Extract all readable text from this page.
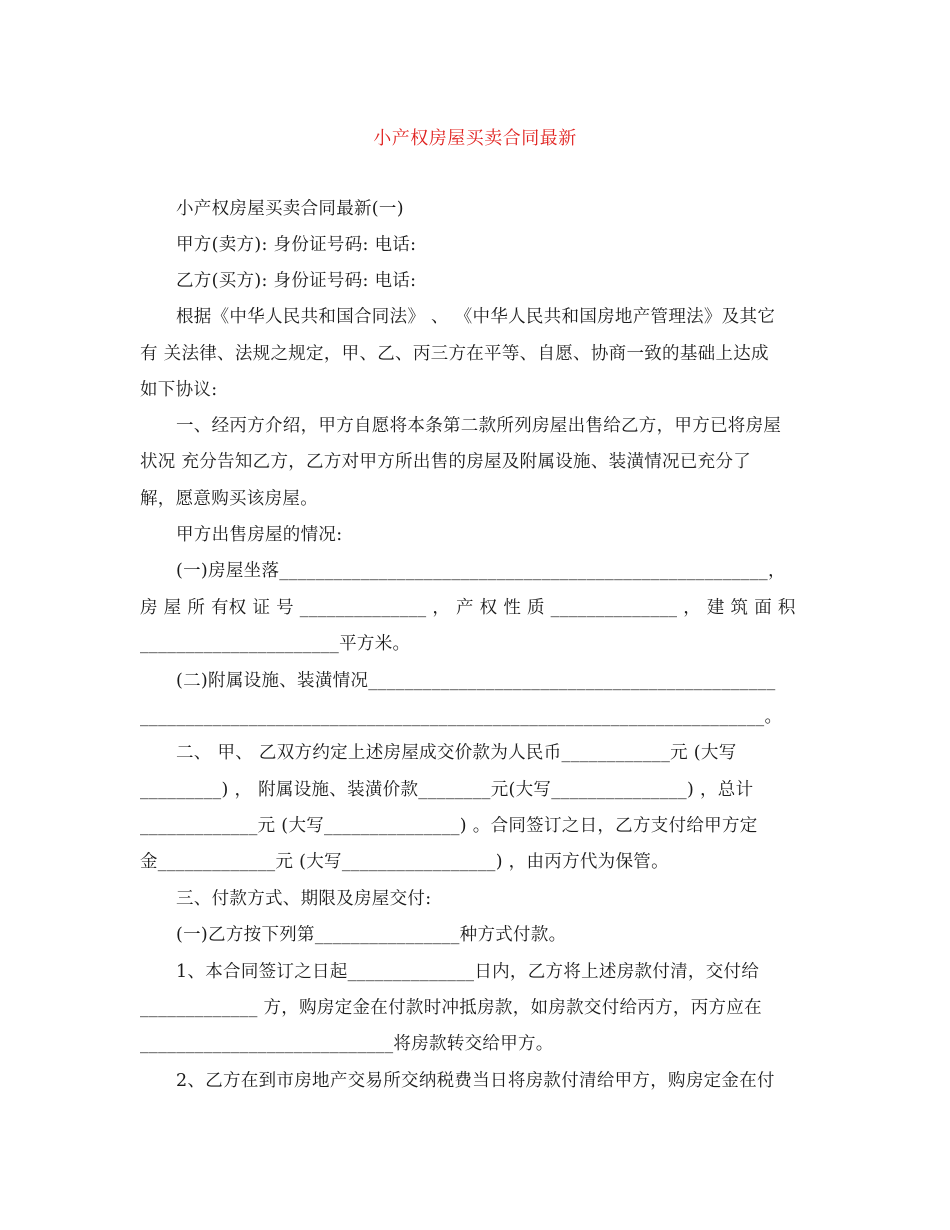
小产权房屋买卖合同最新
小产权房屋买卖合同最新(一)
甲方(卖方): 身份证号码: 电话:
乙方(买方): 身份证号码: 电话:
根据《中华人民共和国合同法》 、 《中华人民共和国房地产管理法》及其它
有 关法律、法规之规定，甲、乙、丙三方在平等、自愿、协商一致的基础上达成
如下协议:
一、经丙方介绍，甲方自愿将本条第二款所列房屋出售给乙方，甲方已将房屋
状况 充分告知乙方，乙方对甲方所出售的房屋及附属设施、装潢情况已充分了
解，愿意购买该房屋。
甲方出售房屋的情况:
(一)房屋坐落______________________________________________________，
房 屋 所 有权 证 号 ______________ ， 产 权 性 质 ______________ ， 建 筑 面 积
______________________平方米。
(二)附属设施、装潢情况_____________________________________________
_____________________________________________________________________。
二、 甲、 乙双方约定上述房屋成交价款为人民币____________元 (大写
_________) ， 附属设施、装潢价款________元(大写_______________) ，总计
_____________元 (大写_______________) 。合同签订之日，乙方支付给甲方定
金_____________元 (大写_________________) ，由丙方代为保管。
三、付款方式、期限及房屋交付:
(一)乙方按下列第________________种方式付款。
1、本合同签订之日起______________日内，乙方将上述房款付清，交付给
_____________ 方，购房定金在付款时冲抵房款，如房款交付给丙方，丙方应在
____________________________将房款转交给甲方。
2、乙方在到市房地产交易所交纳税费当日将房款付清给甲方，购房定金在付
